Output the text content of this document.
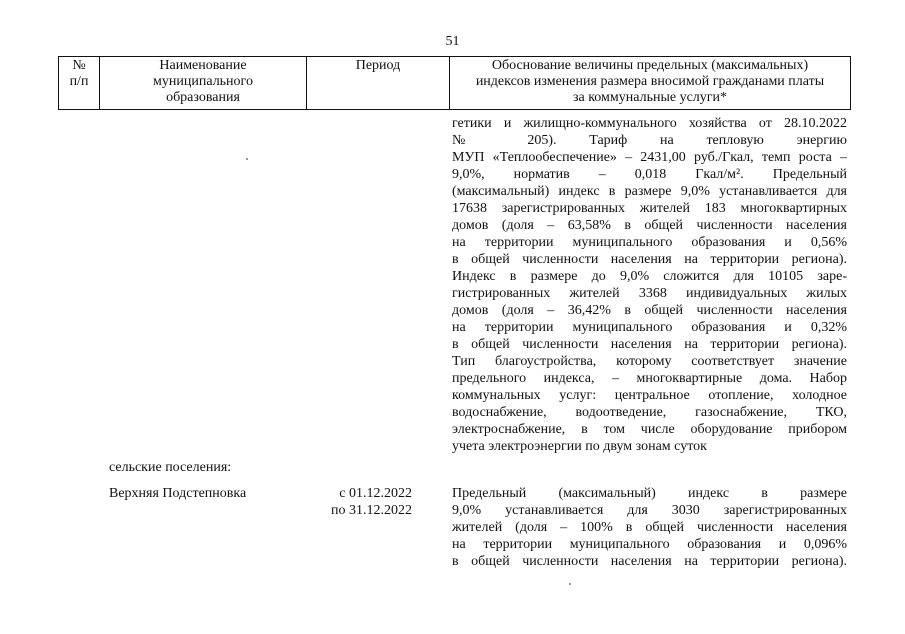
51
№
п/п
Наименование
муниципального
образования
Период	Обоснование величины предельных (максимальных)
индексов изменения размера вносимой гражданами платы
за коммунальные услуги*
гетики и жилищно-коммунального хозяйства от 28.10.2022
№ 205). Тариф на тепловую энергию
МУП «Теплообеспечение» – 2431,00 руб./Гкал, темп роста –
9,0%, норматив – 0,018 Гкал/м². Предельный
(максимальный) индекс в размере 9,0% устанавливается для
17638 зарегистрированных жителей 183 многоквартирных
домов (доля – 63,58% в общей численности населения
на территории муниципального образования и 0,56%
в общей численности населения на территории региона).
Индекс в размере до 9,0% сложится для 10105 заре-
гистрированных жителей 3368 индивидуальных жилых
домов (доля – 36,42% в общей численности населения
на территории муниципального образования и 0,32%
в общей численности населения на территории региона).
Тип благоустройства, которому соответствует значение
предельного индекса, – многоквартирные дома. Набор
коммунальных услуг: центральное отопление, холодное
водоснабжение, водоотведение, газоснабжение, ТКО,
электроснабжение, в том числе оборудование прибором
учета электроэнергии по двум зонам суток
сельские поселения:
Верхняя Подстепновка	с 01.12.2022
по 31.12.2022
Предельный (максимальный) индекс в размере
9,0% устанавливается для 3030 зарегистрированных
жителей (доля – 100% в общей численности населения
на территории муниципального образования и 0,096%
в общей численности населения на территории региона).
